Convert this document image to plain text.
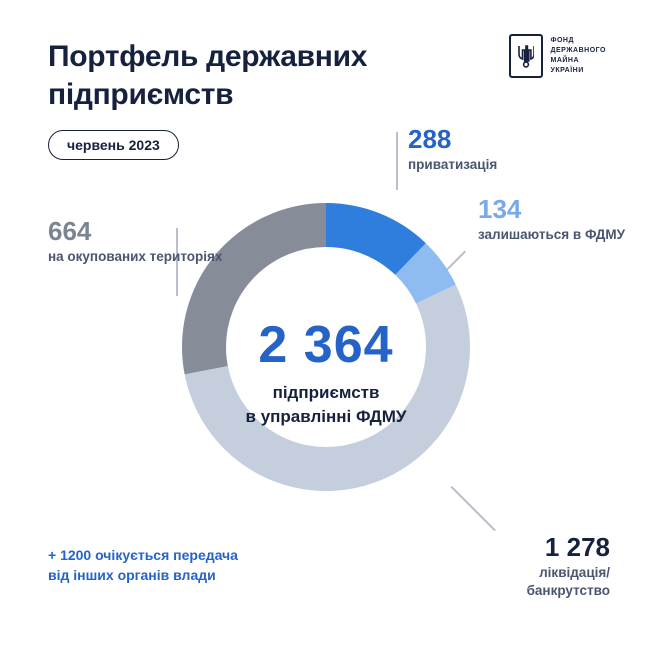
Портфель державних підприємств
червень 2023
ФОНД
ДЕРЖАВНОГО
МАЙНА
УКРАЇНИ
2 364
підприємств
в управлінні ФДМУ
288
приватизація
134
залишаються в ФДМУ
1 278
ліквідація/банкрутство
664
на окупованих територіях
+ 1200 очікується передача від інших органів влади
